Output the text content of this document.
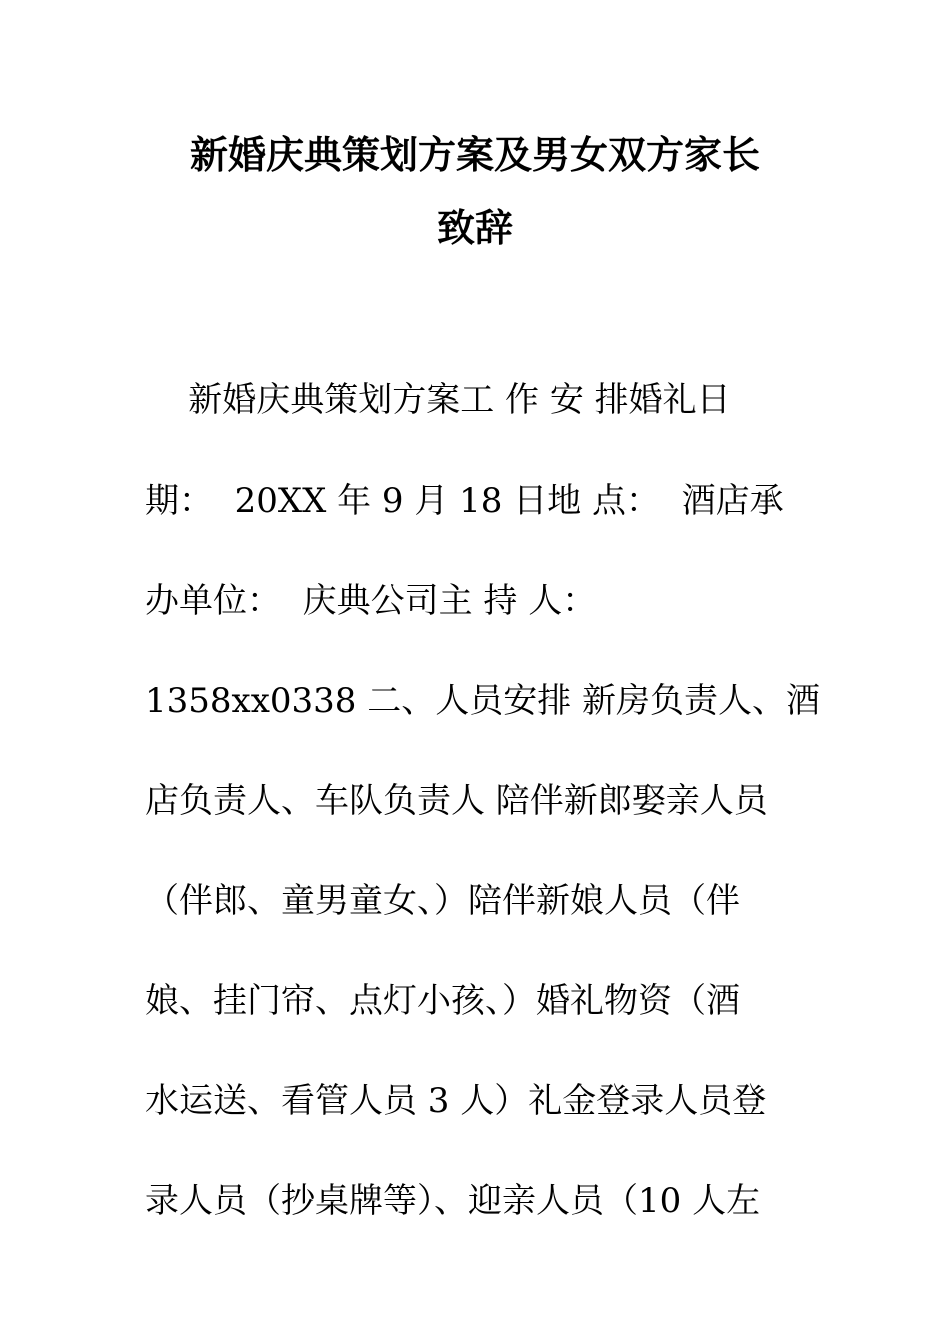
新婚庆典策划方案及男女双方家长
致辞
新婚庆典策划方案工 作 安 排婚礼日
期：  20XX 年 9 月 18 日地 点：  酒店承
办单位：  庆典公司主 持 人：
1358xx0338 二、人员安排 新房负责人、酒
店负责人、车队负责人 陪伴新郎娶亲人员
（伴郎、童男童女、）陪伴新娘人员（伴
娘、挂门帘、点灯小孩、）婚礼物资（酒
水运送、看管人员 3 人）礼金登录人员登
录人员（抄桌牌等）、迎亲人员（10 人左
